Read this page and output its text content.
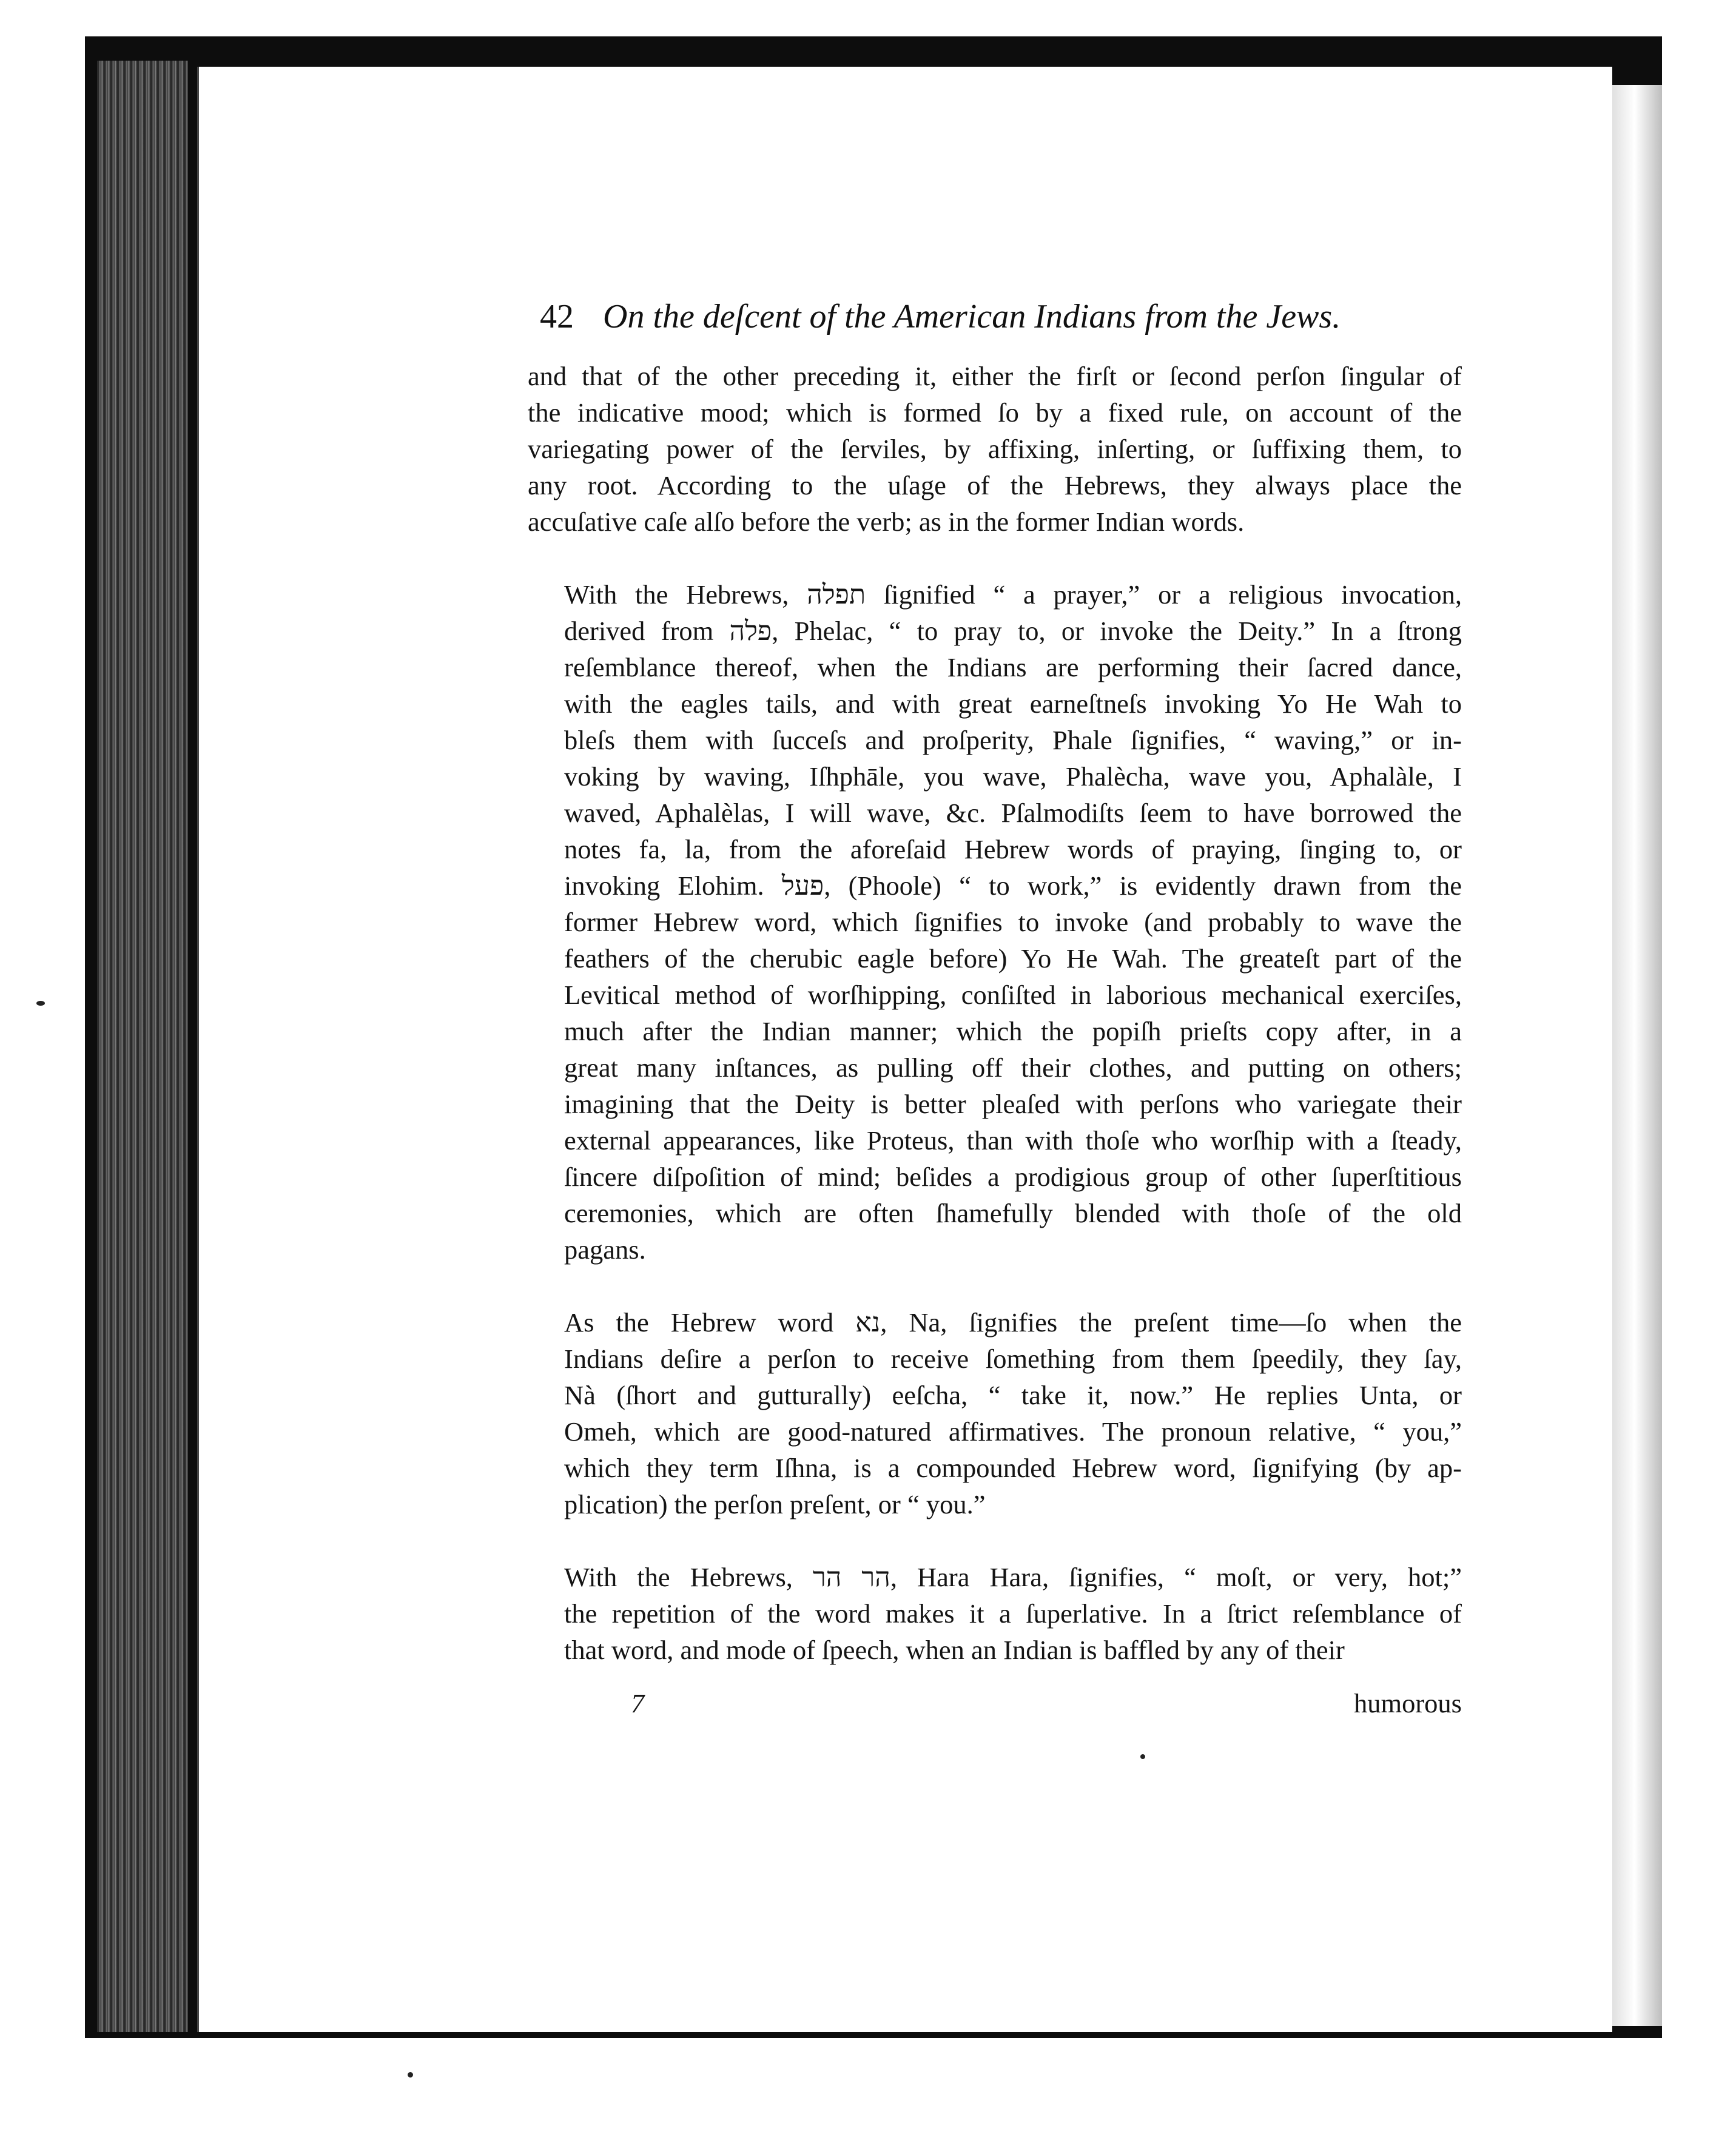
42 On the deſcent of the American Indians from the Jews.
and that of the other preceding it, either the firſt or ſecond perſon ſingular of
the indicative mood; which is formed ſo by a fixed rule, on account of the
variegating power of the ſerviles, by affixing, inſerting, or ſuffixing them, to
any root. According to the uſage of the Hebrews, they always place the
accuſative caſe alſo before the verb; as in the former Indian words.
With the Hebrews, תפלה ſignified “ a prayer,” or a religious invocation,
derived from פלה, Phelac, “ to pray to, or invoke the Deity.” In a ſtrong
reſemblance thereof, when the Indians are performing their ſacred dance,
with the eagles tails, and with great earneſtneſs invoking Yo He Wah to
bleſs them with ſucceſs and proſperity, Phale ſignifies, “ waving,” or in-
voking by waving, Iſhphāle, you wave, Phalècha, wave you, Aphalàle, I
waved, Aphalèlas, I will wave, &c. Pſalmodiſts ſeem to have borrowed the
notes fa, la, from the aforeſaid Hebrew words of praying, ſinging to, or
invoking Elohim. פעל, (Phoole) “ to work,” is evidently drawn from the
former Hebrew word, which ſignifies to invoke (and probably to wave the
feathers of the cherubic eagle before) Yo He Wah. The greateſt part of the
Levitical method of worſhipping, conſiſted in laborious mechanical exerciſes,
much after the Indian manner; which the popiſh prieſts copy after, in a
great many inſtances, as pulling off their clothes, and putting on others;
imagining that the Deity is better pleaſed with perſons who variegate their
external appearances, like Proteus, than with thoſe who worſhip with a ſteady,
ſincere diſpoſition of mind; beſides a prodigious group of other ſuperſtitious
ceremonies, which are often ſhamefully blended with thoſe of the old
pagans.
As the Hebrew word נא, Na, ſignifies the preſent time—ſo when the
Indians deſire a perſon to receive ſomething from them ſpeedily, they ſay,
Nà (ſhort and gutturally) eeſcha, “ take it, now.” He replies Unta, or
Omeh, which are good-natured affirmatives. The pronoun relative, “ you,”
which they term Iſhna, is a compounded Hebrew word, ſignifying (by ap-
plication) the perſon preſent, or “ you.”
With the Hebrews, הר הר, Hara Hara, ſignifies, “ moſt, or very, hot;”
the repetition of the word makes it a ſuperlative. In a ſtrict reſemblance of
that word, and mode of ſpeech, when an Indian is baffled by any of their
7	humorous
